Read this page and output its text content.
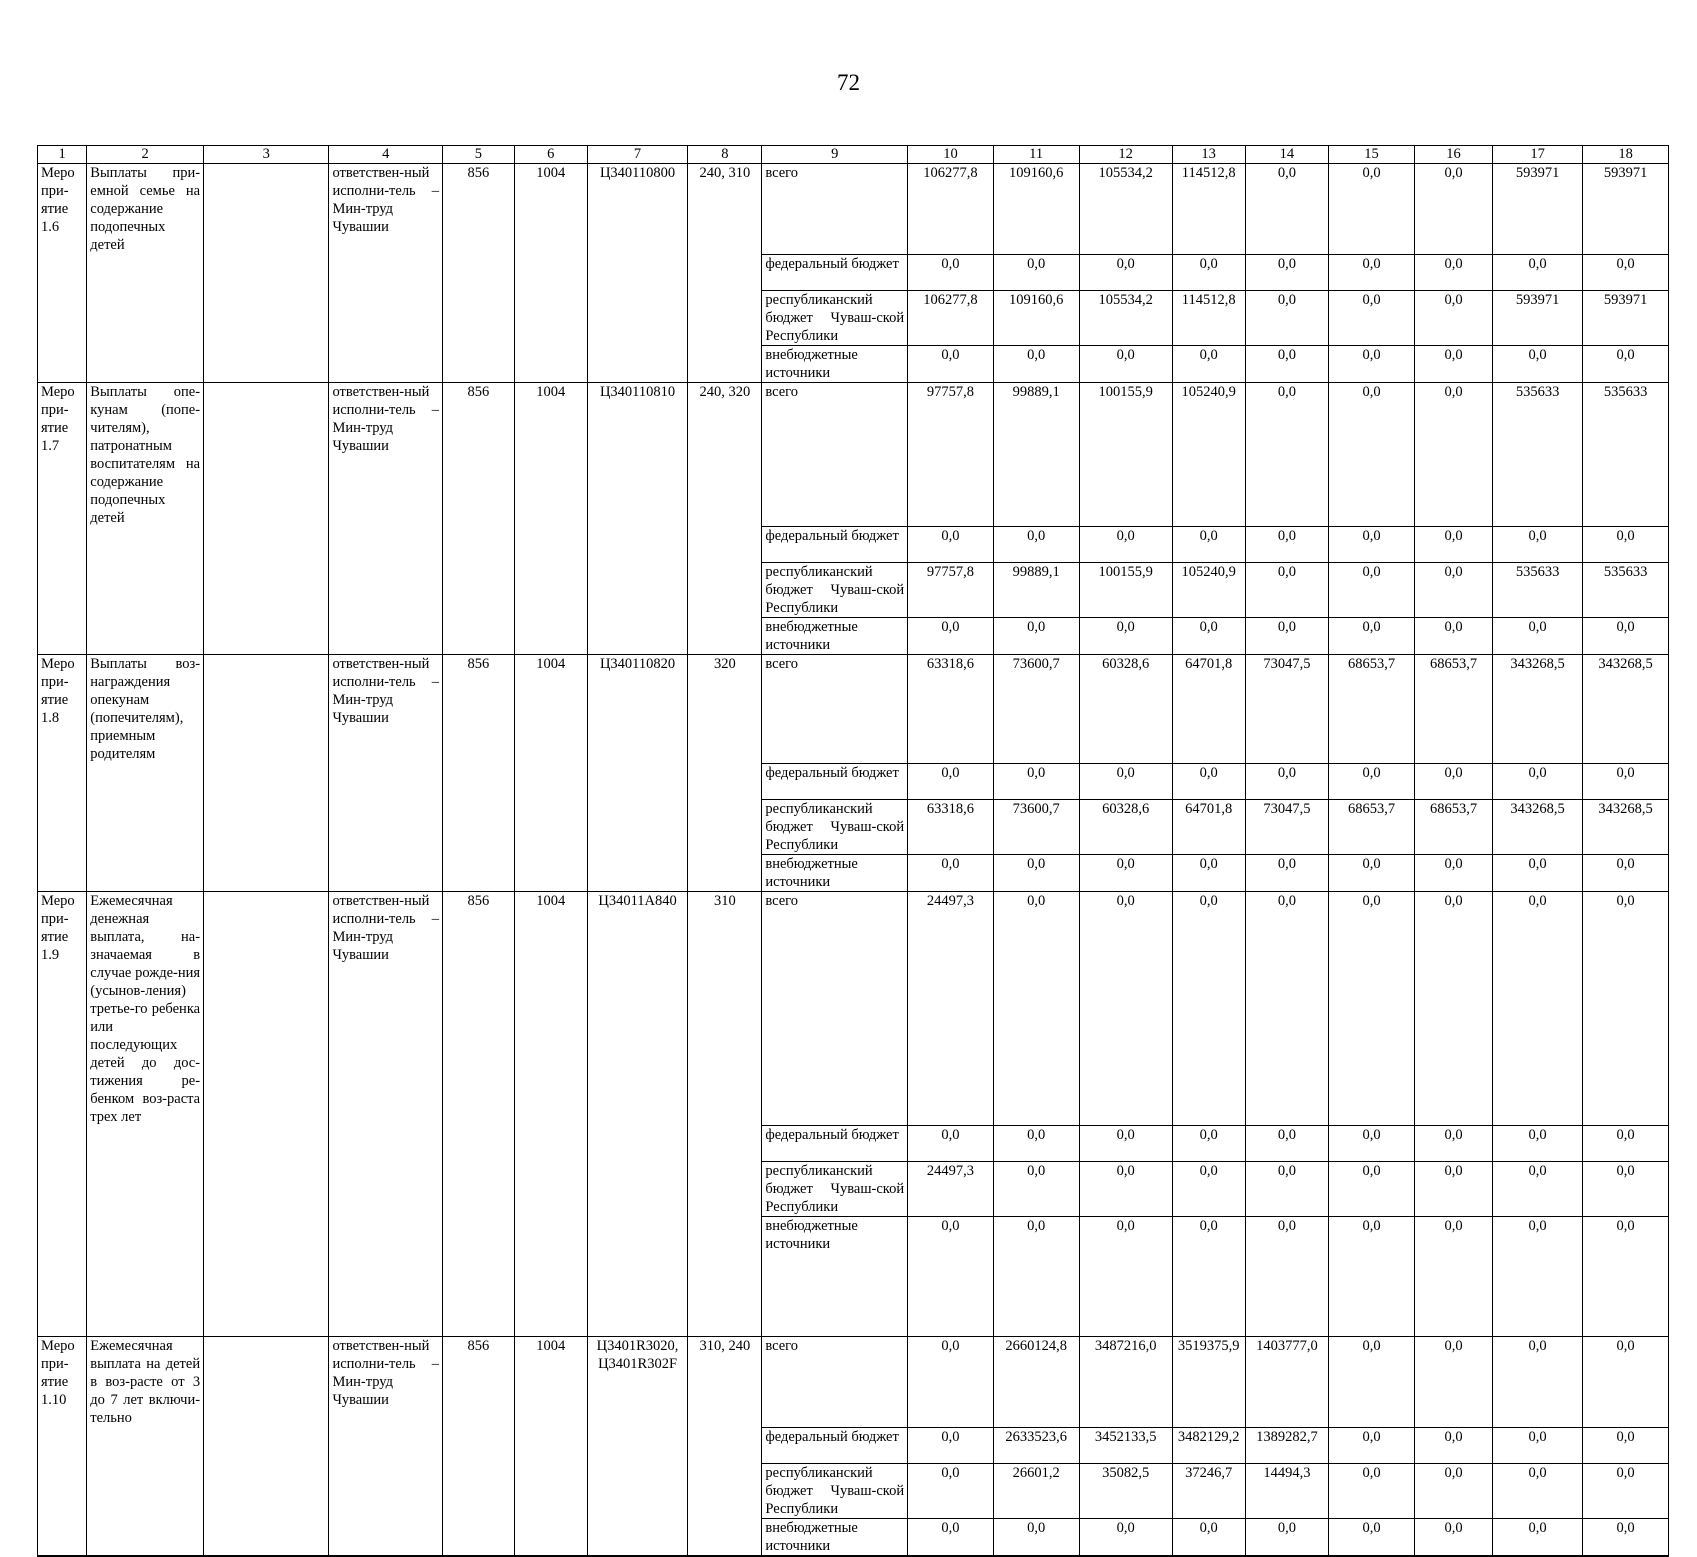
72
1	2	3	4	5	6	7	8	9	10	11	12	13	14	15	16	17	18
Меро при-ятие 1.6	Выплаты при-емной семье на содержание подопечных детей		ответствен-ный исполни-тель – Мин-труд Чувашии	856	1004	Ц340110800	240, 310	всего	106277,8	109160,6	105534,2	114512,8	0,0	0,0	0,0	593971	593971
								федеральный бюджет	0,0	0,0	0,0	0,0	0,0	0,0	0,0	0,0	0,0
								республиканский бюджет Чуваш-ской Республики	106277,8	109160,6	105534,2	114512,8	0,0	0,0	0,0	593971	593971
								внебюджетные источники	0,0	0,0	0,0	0,0	0,0	0,0	0,0	0,0	0,0
Меро при-ятие 1.7	Выплаты опе-кунам (попе-чителям), патронатным воспитателям на содержание подопечных детей		ответствен-ный исполни-тель – Мин-труд Чувашии	856	1004	Ц340110810	240, 320	всего	97757,8	99889,1	100155,9	105240,9	0,0	0,0	0,0	535633	535633
								федеральный бюджет	0,0	0,0	0,0	0,0	0,0	0,0	0,0	0,0	0,0
								республиканский бюджет Чуваш-ской Республики	97757,8	99889,1	100155,9	105240,9	0,0	0,0	0,0	535633	535633
								внебюджетные источники	0,0	0,0	0,0	0,0	0,0	0,0	0,0	0,0	0,0
Меро при-ятие 1.8	Выплаты воз-награждения опекунам (попечителям), приемным родителям		ответствен-ный исполни-тель – Мин-труд Чувашии	856	1004	Ц340110820	320	всего	63318,6	73600,7	60328,6	64701,8	73047,5	68653,7	68653,7	343268,5	343268,5
								федеральный бюджет	0,0	0,0	0,0	0,0	0,0	0,0	0,0	0,0	0,0
								республиканский бюджет Чуваш-ской Республики	63318,6	73600,7	60328,6	64701,8	73047,5	68653,7	68653,7	343268,5	343268,5
								внебюджетные источники	0,0	0,0	0,0	0,0	0,0	0,0	0,0	0,0	0,0
Меро при-ятие 1.9	Ежемесячная денежная выплата, на-значаемая в случае рожде-ния (усынов-ления) третье-го ребенка или последующих детей до дос-тижения ре-бенком воз-раста трех лет		ответствен-ный исполни-тель – Мин-труд Чувашии	856	1004	Ц34011А840	310	всего	24497,3	0,0	0,0	0,0	0,0	0,0	0,0	0,0	0,0
								федеральный бюджет	0,0	0,0	0,0	0,0	0,0	0,0	0,0	0,0	0,0
								республиканский бюджет Чуваш-ской Республики	24497,3	0,0	0,0	0,0	0,0	0,0	0,0	0,0	0,0
								внебюджетные источники	0,0	0,0	0,0	0,0	0,0	0,0	0,0	0,0	0,0
Меро при-ятие 1.10	Ежемесячная выплата на детей в воз-расте от 3 до 7 лет включи-тельно		ответствен-ный исполни-тель – Мин-труд Чувашии	856	1004	Ц3401R3020, Ц3401R302F	310, 240	всего	0,0	2660124,8	3487216,0	3519375,9	1403777,0	0,0	0,0	0,0	0,0
								федеральный бюджет	0,0	2633523,6	3452133,5	3482129,2	1389282,7	0,0	0,0	0,0	0,0
								республиканский бюджет Чуваш-ской Республики	0,0	26601,2	35082,5	37246,7	14494,3	0,0	0,0	0,0	0,0
								внебюджетные источники	0,0	0,0	0,0	0,0	0,0	0,0	0,0	0,0	0,0
